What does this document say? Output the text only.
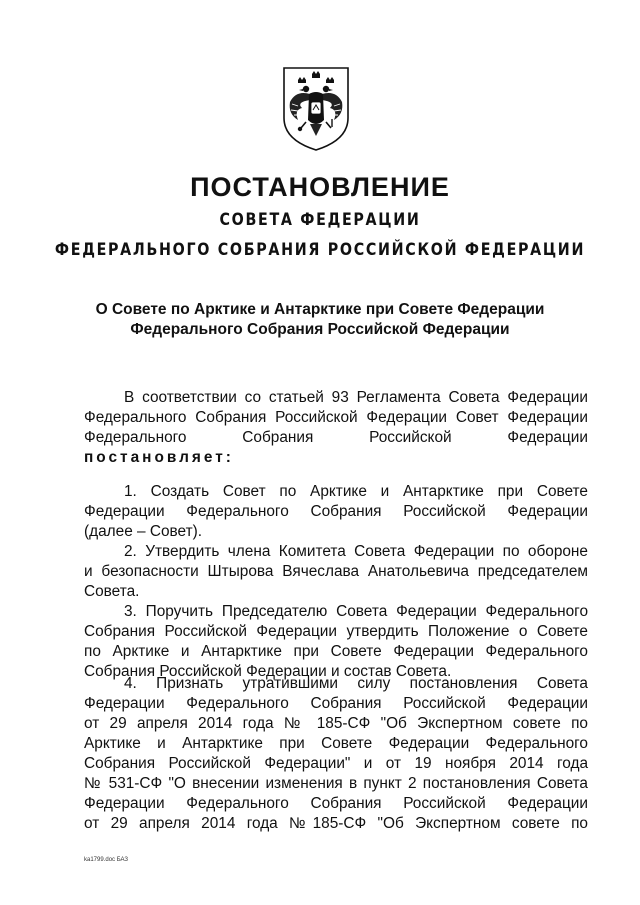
ПОСТАНОВЛЕНИЕ
СОВЕТА ФЕДЕРАЦИИ
ФЕДЕРАЛЬНОГО СОБРАНИЯ РОССИЙСКОЙ ФЕДЕРАЦИИ
О Совете по Арктике и Антарктике при Совете Федерации
Федерального Собрания Российской Федерации
В соответствии со статьей 93 Регламента Совета Федерации
Федерального Собрания Российской Федерации Совет Федерации
Федерального Собрания Российской Федерации
постановляет:
1. Создать Совет по Арктике и Антарктике при Совете
Федерации Федерального Собрания Российской Федерации
(далее – Совет).
2. Утвердить члена Комитета Совета Федерации по обороне
и безопасности Штырова Вячеслава Анатольевича председателем
Совета.
3. Поручить Председателю Совета Федерации Федерального
Собрания Российской Федерации утвердить Положение о Совете
по Арктике и Антарктике при Совете Федерации Федерального
Собрания Российской Федерации и состав Совета.
4. Признать утратившими силу постановления Совета
Федерации Федерального Собрания Российской Федерации
от 29 апреля 2014 года № 185-СФ "Об Экспертном совете по
Арктике и Антарктике при Совете Федерации Федерального
Собрания Российской Федерации" и от 19 ноября 2014 года
№ 531-СФ "О внесении изменения в пункт 2 постановления Совета
Федерации Федерального Собрания Российской Федерации
от 29 апреля 2014 года №185-СФ "Об Экспертном совете по
ka1799.doc БАЗ
